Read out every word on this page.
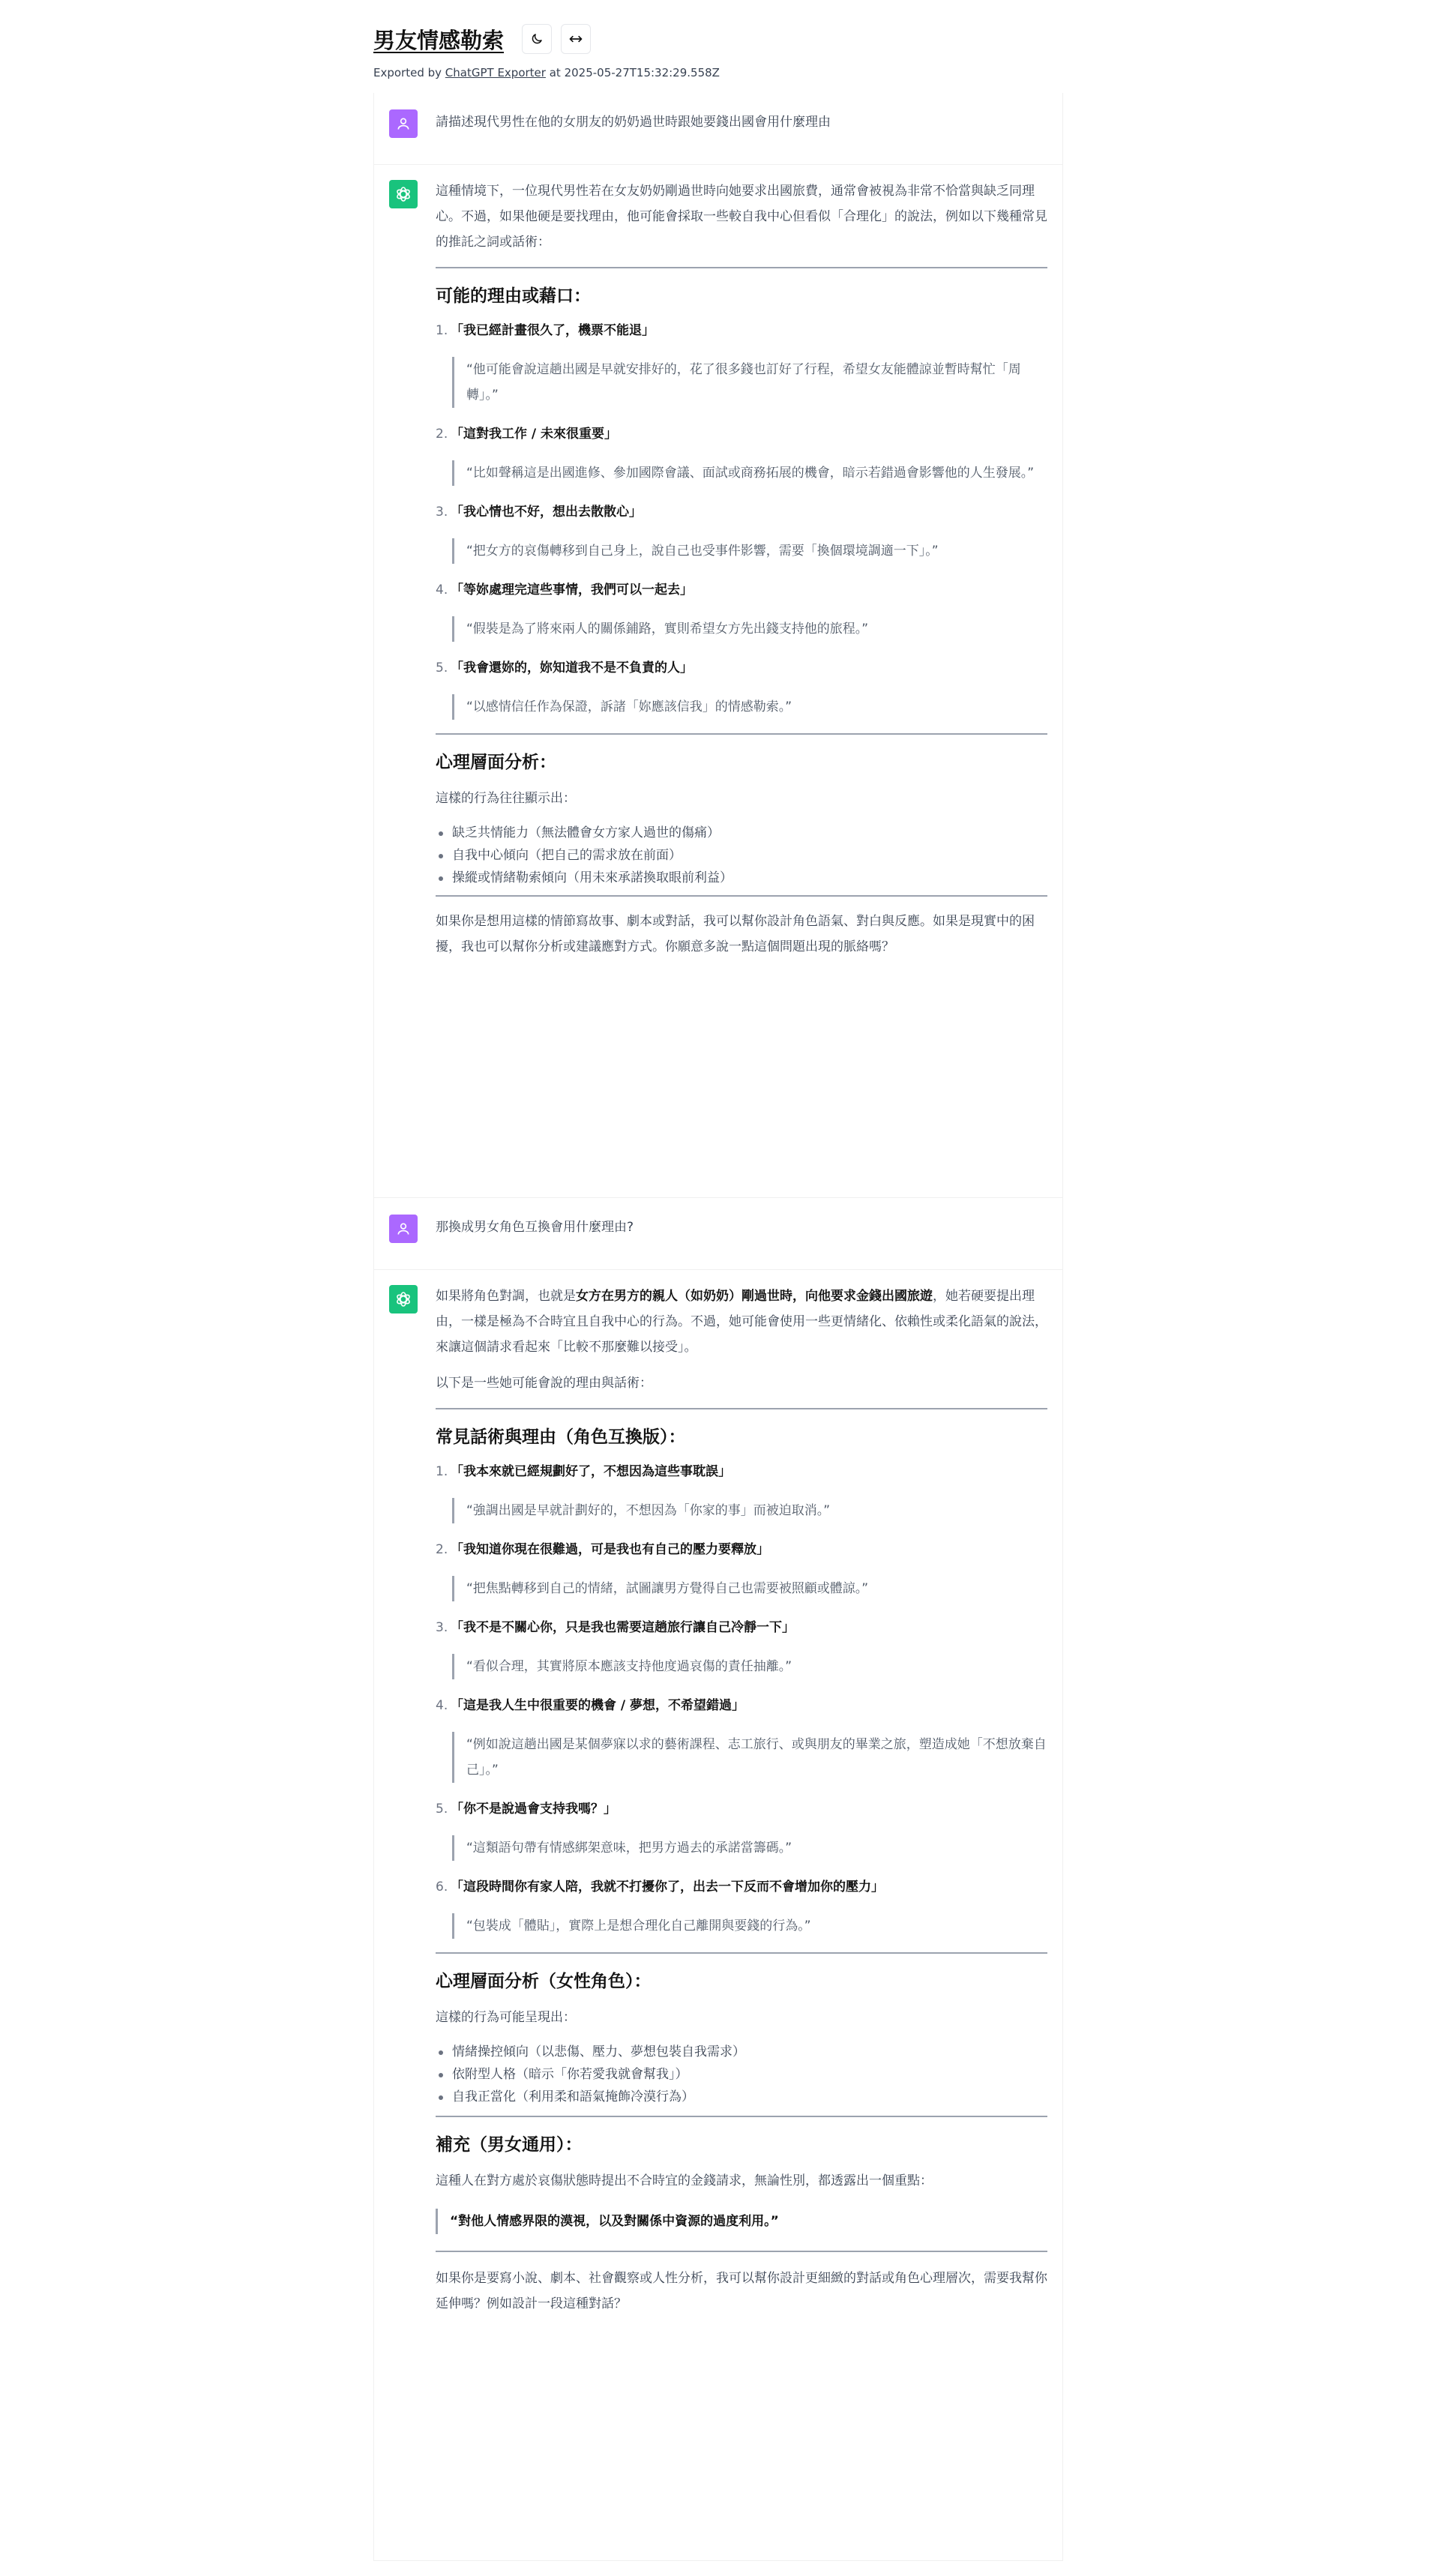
男友情感勒索
Exported by ChatGPT Exporter at 2025-05-27T15:32:29.558Z
請描述現代男性在他的女朋友的奶奶過世時跟她要錢出國會用什麼理由

這種情境下，一位現代男性若在女友奶奶剛過世時向她要求出國旅費，通常會被視為非常不恰當與缺乏同理心。不過，如果他硬是要找理由，他可能會採取一些較自我中心但看似「合理化」的說法，例如以下幾種常見的推託之詞或話術：

可能的理由或藉口：
1. 「我已經計畫很久了，機票不能退」
“他可能會說這趟出國是早就安排好的，花了很多錢也訂好了行程，希望女友能體諒並暫時幫忙「周轉」。”
2. 「這對我工作 / 未來很重要」
“比如聲稱這是出國進修、參加國際會議、面試或商務拓展的機會，暗示若錯過會影響他的人生發展。”
3. 「我心情也不好，想出去散散心」
“把女方的哀傷轉移到自己身上，說自己也受事件影響，需要「換個環境調適一下」。”
4. 「等妳處理完這些事情，我們可以一起去」
“假裝是為了將來兩人的關係鋪路，實則希望女方先出錢支持他的旅程。”
5. 「我會還妳的，妳知道我不是不負責的人」
“以感情信任作為保證，訴諸「妳應該信我」的情感勒索。”
心理層面分析：

這樣的行為往往顯示出：

缺乏共情能力（無法體會女方家人過世的傷痛）
自我中心傾向（把自己的需求放在前面）
操縱或情緒勒索傾向（用未來承諾換取眼前利益）

如果你是想用這樣的情節寫故事、劇本或對話，我可以幫你設計角色語氣、對白與反應。如果是現實中的困擾，我也可以幫你分析或建議應對方式。你願意多說一點這個問題出現的脈絡嗎？

那換成男女角色互換會用什麼理由?

如果將角色對調，也就是女方在男方的親人（如奶奶）剛過世時，向他要求金錢出國旅遊，她若硬要提出理由，一樣是極為不合時宜且自我中心的行為。不過，她可能會使用一些更情緒化、依賴性或柔化語氣的說法，來讓這個請求看起來「比較不那麼難以接受」。

以下是一些她可能會說的理由與話術：

常見話術與理由（角色互換版）：
1. 「我本來就已經規劃好了，不想因為這些事耽誤」
“強調出國是早就計劃好的，不想因為「你家的事」而被迫取消。”
2. 「我知道你現在很難過，可是我也有自己的壓力要釋放」
“把焦點轉移到自己的情緒，試圖讓男方覺得自己也需要被照顧或體諒。”
3. 「我不是不關心你，只是我也需要這趟旅行讓自己冷靜一下」
“看似合理，其實將原本應該支持他度過哀傷的責任抽離。”
4. 「這是我人生中很重要的機會 / 夢想，不希望錯過」
“例如說這趟出國是某個夢寐以求的藝術課程、志工旅行、或與朋友的畢業之旅，塑造成她「不想放棄自己」。”
5. 「你不是說過會支持我嗎？」
“這類語句帶有情感綁架意味，把男方過去的承諾當籌碼。”
6. 「這段時間你有家人陪，我就不打擾你了，出去一下反而不會增加你的壓力」
“包裝成「體貼」，實際上是想合理化自己離開與要錢的行為。”
心理層面分析（女性角色）：

這樣的行為可能呈現出：

情緒操控傾向（以悲傷、壓力、夢想包裝自我需求）
依附型人格（暗示「你若愛我就會幫我」）
自我正當化（利用柔和語氣掩飾冷漠行為）
補充（男女通用）：

這種人在對方處於哀傷狀態時提出不合時宜的金錢請求，無論性別，都透露出一個重點：

“對他人情感界限的漠視，以及對關係中資源的過度利用。”

如果你是要寫小說、劇本、社會觀察或人性分析，我可以幫你設計更細緻的對話或角色心理層次，需要我幫你延伸嗎？例如設計一段這種對話？
